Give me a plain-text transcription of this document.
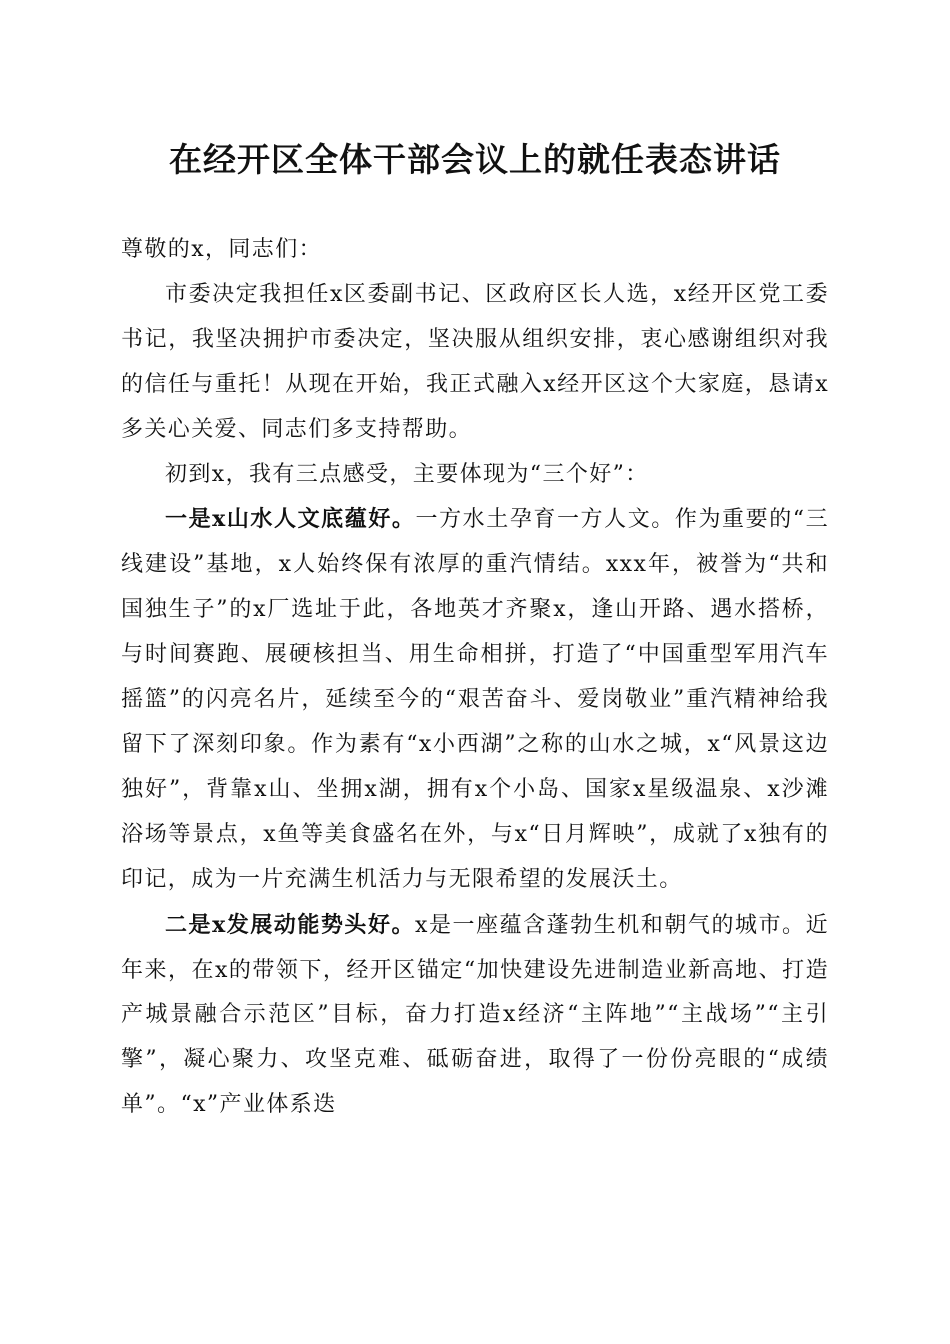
在经开区全体干部会议上的就任表态讲话

尊敬的x，同志们：

市委决定我担任x区委副书记、区政府区长人选，x经开区党工委书记，我坚决拥护市委决定，坚决服从组织安排，衷心感谢组织对我的信任与重托！从现在开始，我正式融入x经开区这个大家庭，恳请x多关心关爱、同志们多支持帮助。

初到x，我有三点感受，主要体现为“三个好”：

一是x山水人文底蕴好。一方水土孕育一方人文。作为重要的“三线建设”基地，x人始终保有浓厚的重汽情结。xxx年，被誉为“共和国独生子”的x厂选址于此，各地英才齐聚x，逢山开路、遇水搭桥，与时间赛跑、展硬核担当、用生命相拼，打造了“中国重型军用汽车摇篮”的闪亮名片，延续至今的“艰苦奋斗、爱岗敬业”重汽精神给我留下了深刻印象。作为素有“x小西湖”之称的山水之城，x“风景这边独好”，背靠x山、坐拥x湖，拥有x个小岛、国家x星级温泉、x沙滩浴场等景点，x鱼等美食盛名在外，与x“日月辉映”，成就了x独有的印记，成为一片充满生机活力与无限希望的发展沃土。

二是x发展动能势头好。x是一座蕴含蓬勃生机和朝气的城市。近年来，在x的带领下，经开区锚定“加快建设先进制造业新高地、打造产城景融合示范区”目标，奋力打造x经济“主阵地”“主战场”“主引擎”，凝心聚力、攻坚克难、砥砺奋进，取得了一份份亮眼的“成绩单”。“x”产业体系迭
